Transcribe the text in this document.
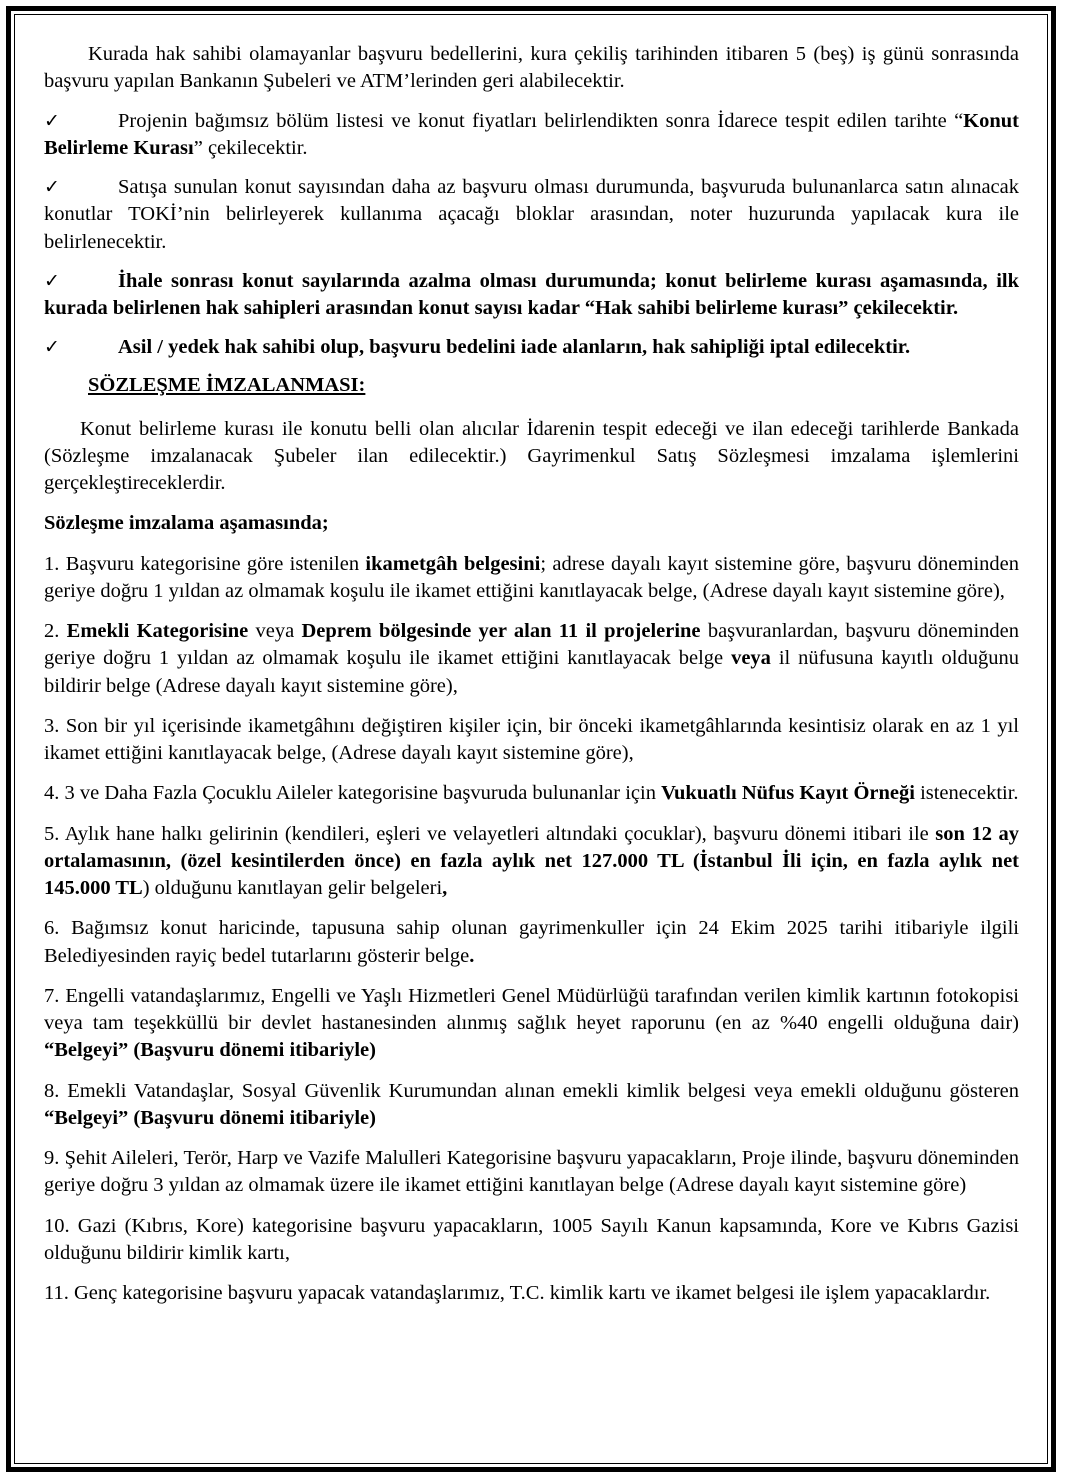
Kurada hak sahibi olamayanlar başvuru bedellerini, kura çekiliş tarihinden itibaren 5 (beş) iş günü sonrasında başvuru yapılan Bankanın Şubeleri ve ATM’lerinden geri alabilecektir.

✓	Projenin bağımsız bölüm listesi ve konut fiyatları belirlendikten sonra İdarece tespit edilen tarihte “Konut Belirleme Kurası” çekilecektir.

✓	Satışa sunulan konut sayısından daha az başvuru olması durumunda, başvuruda bulunanlarca satın alınacak konutlar TOKİ’nin belirleyerek kullanıma açacağı bloklar arasından, noter huzurunda yapılacak kura ile belirlenecektir.

✓	İhale sonrası konut sayılarında azalma olması durumunda; konut belirleme kurası aşamasında, ilk kurada belirlenen hak sahipleri arasından konut sayısı kadar “Hak sahibi belirleme kurası” çekilecektir.

✓	Asil / yedek hak sahibi olup, başvuru bedelini iade alanların, hak sahipliği iptal edilecektir.

SÖZLEŞME İMZALANMASI:

Konut belirleme kurası ile konutu belli olan alıcılar İdarenin tespit edeceği ve ilan edeceği tarihlerde Bankada (Sözleşme imzalanacak Şubeler ilan edilecektir.) Gayrimenkul Satış Sözleşmesi imzalama işlemlerini gerçekleştireceklerdir.

Sözleşme imzalama aşamasında;

1. Başvuru kategorisine göre istenilen ikametgâh belgesini; adrese dayalı kayıt sistemine göre, başvuru döneminden geriye doğru 1 yıldan az olmamak koşulu ile ikamet ettiğini kanıtlayacak belge, (Adrese dayalı kayıt sistemine göre),

2. Emekli Kategorisine veya Deprem bölgesinde yer alan 11 il projelerine başvuranlardan, başvuru döneminden geriye doğru 1 yıldan az olmamak koşulu ile ikamet ettiğini kanıtlayacak belge veya il nüfusuna kayıtlı olduğunu bildirir belge (Adrese dayalı kayıt sistemine göre),

3. Son bir yıl içerisinde ikametgâhını değiştiren kişiler için, bir önceki ikametgâhlarında kesintisiz olarak en az 1 yıl ikamet ettiğini kanıtlayacak belge, (Adrese dayalı kayıt sistemine göre),

4. 3 ve Daha Fazla Çocuklu Aileler kategorisine başvuruda bulunanlar için Vukuatlı Nüfus Kayıt Örneği istenecektir.

5. Aylık hane halkı gelirinin (kendileri, eşleri ve velayetleri altındaki çocuklar), başvuru dönemi itibari ile son 12 ay ortalamasının, (özel kesintilerden önce) en fazla aylık net 127.000 TL (İstanbul İli için, en fazla aylık net 145.000 TL) olduğunu kanıtlayan gelir belgeleri,

6. Bağımsız konut haricinde, tapusuna sahip olunan gayrimenkuller için 24 Ekim 2025 tarihi itibariyle ilgili Belediyesinden rayiç bedel tutarlarını gösterir belge.

7. Engelli vatandaşlarımız, Engelli ve Yaşlı Hizmetleri Genel Müdürlüğü tarafından verilen kimlik kartının fotokopisi veya tam teşekküllü bir devlet hastanesinden alınmış sağlık heyet raporunu (en az %40 engelli olduğuna dair) “Belgeyi” (Başvuru dönemi itibariyle)

8. Emekli Vatandaşlar, Sosyal Güvenlik Kurumundan alınan emekli kimlik belgesi veya emekli olduğunu gösteren “Belgeyi” (Başvuru dönemi itibariyle)

9. Şehit Aileleri, Terör, Harp ve Vazife Malulleri Kategorisine başvuru yapacakların, Proje ilinde, başvuru döneminden geriye doğru 3 yıldan az olmamak üzere ile ikamet ettiğini kanıtlayan belge (Adrese dayalı kayıt sistemine göre)

10. Gazi (Kıbrıs, Kore) kategorisine başvuru yapacakların, 1005 Sayılı Kanun kapsamında, Kore ve Kıbrıs Gazisi olduğunu bildirir kimlik kartı,

11. Genç kategorisine başvuru yapacak vatandaşlarımız, T.C. kimlik kartı ve ikamet belgesi ile işlem yapacaklardır.
